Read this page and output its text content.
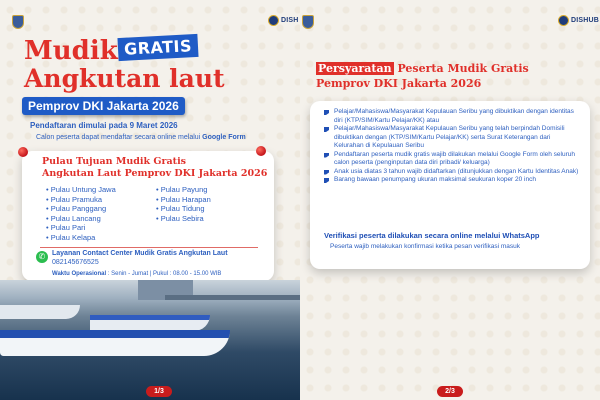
DISH
Mudik GRATIS
Angkutan laut
Pemprov DKI Jakarta 2026
Pendaftaran dimulai pada 9 Maret 2026
Calon peserta dapat mendaftar secara online melalui Google Form
Pulau Tujuan Mudik Gratis
Angkutan Laut Pemprov DKI Jakarta 2026
• Pulau Untung Jawa
• Pulau Pramuka
• Pulau Panggang
• Pulau Lancang
• Pulau Pari
• Pulau Kelapa
• Pulau Payung
• Pulau Harapan
• Pulau Tidung
• Pulau Sebira
✆ Layanan Contact Center Mudik Gratis Angkutan Laut
082145676525
Waktu Operasional : Senin - Jumat | Pukul : 08.00 - 15.00 WIB
1/3
DISHUB
Persyaratan Peserta Mudik Gratis
Pemprov DKI Jakarta 2026
Pelajar/Mahasiswa/Masyarakat Kepulauan Seribu yang dibuktikan dengan identitas diri (KTP/SIM/Kartu Pelajar/KK) atau
Pelajar/Mahasiswa/Masyarakat Kepulauan Seribu yang telah berpindah Domisili dibuktikan dengan (KTP/SIM/Kartu Pelajar/KK) serta Surat Keterangan dari Kelurahan di Kepulauan Seribu
Pendaftaran peserta mudik gratis wajib dilakukan melalui Google Form oleh seluruh calon peserta (penginputan data diri pribadi/ keluarga)
Anak usia diatas 3 tahun wajib didaftarkan (ditunjukkan dengan Kartu Identitas Anak)
Barang bawaan penumpang ukuran maksimal seukuran koper 20 inch
Verifikasi peserta dilakukan secara online melalui WhatsApp
Peserta wajib melakukan konfirmasi ketika pesan verifikasi masuk
2/3
